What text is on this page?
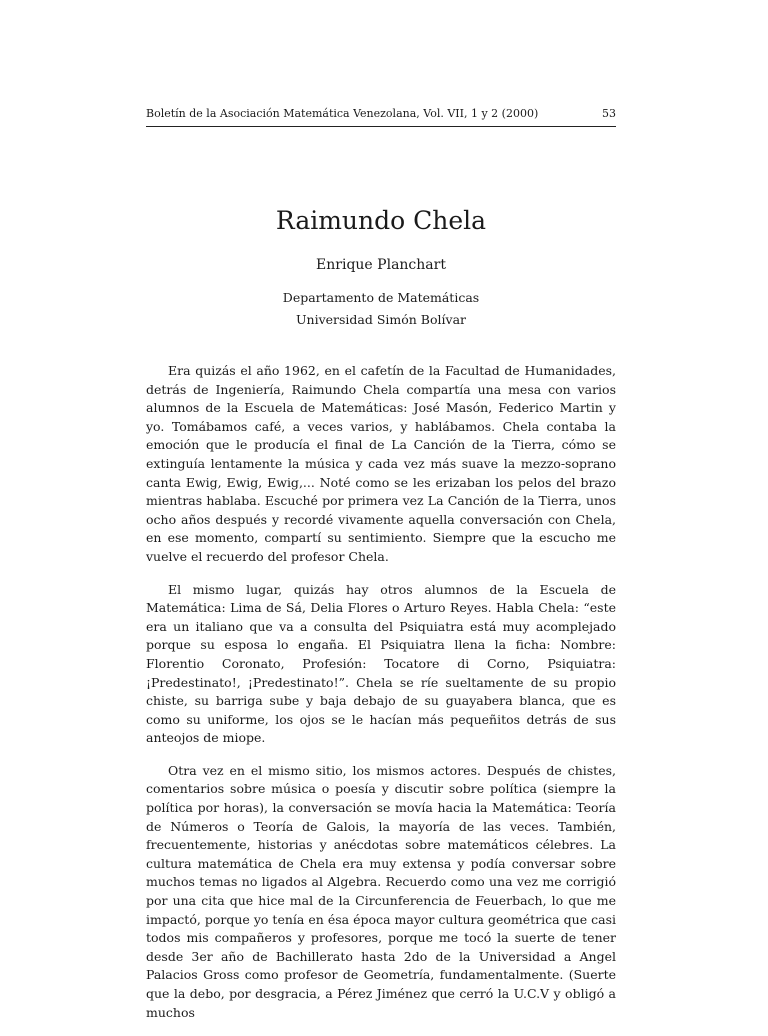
Boletín de la Asociación Matemática Venezolana, Vol. VII, 1 y 2 (2000)	53
Raimundo Chela
Enrique Planchart
Departamento de Matemáticas
Universidad Simón Bolívar

Era quizás el año 1962, en el cafetín de la Facultad de Humanidades, detrás de Ingeniería, Raimundo Chela compartía una mesa con varios alumnos de la Escuela de Matemáticas: José Masón, Federico Martin y yo. Tomábamos café, a veces varios, y hablábamos. Chela contaba la emoción que le producía el final de La Canción de la Tierra, cómo se extinguía lentamente la música y cada vez más suave la mezzo-soprano canta Ewig, Ewig, Ewig,... Noté como se les erizaban los pelos del brazo mientras hablaba. Escuché por primera vez La Canción de la Tierra, unos ocho años después y recordé vivamente aquella conversación con Chela, en ese momento, compartí su sentimiento. Siempre que la escucho me vuelve el recuerdo del profesor Chela.

El mismo lugar, quizás hay otros alumnos de la Escuela de Matemática: Lima de Sá, Delia Flores o Arturo Reyes. Habla Chela: “este era un italiano que va a consulta del Psiquiatra está muy acomplejado porque su esposa lo engaña. El Psiquiatra llena la ficha: Nombre: Florentio Coronato, Profesión: Tocatore di Corno, Psiquiatra: ¡Predestinato!, ¡Predestinato!”. Chela se ríe sueltamente de su propio chiste, su barriga sube y baja debajo de su guayabera blanca, que es como su uniforme, los ojos se le hacían más pequeñitos detrás de sus anteojos de miope.

Otra vez en el mismo sitio, los mismos actores. Después de chistes, comentarios sobre música o poesía y discutir sobre política (siempre la política por horas), la conversación se movía hacia la Matemática: Teoría de Números o Teoría de Galois, la mayoría de las veces. También, frecuentemente, historias y anécdotas sobre matemáticos célebres. La cultura matemática de Chela era muy extensa y podía conversar sobre muchos temas no ligados al Algebra. Recuerdo como una vez me corrigió por una cita que hice mal de la Circunferencia de Feuerbach, lo que me impactó, porque yo tenía en ésa época mayor cultura geométrica que casi todos mis compañeros y profesores, porque me tocó la suerte de tener desde 3er año de Bachillerato hasta 2do de la Universidad a Angel Palacios Gross como profesor de Geometría, fundamentalmente. (Suerte que la debo, por desgracia, a Pérez Jiménez que cerró la U.C.V y obligó a muchos
